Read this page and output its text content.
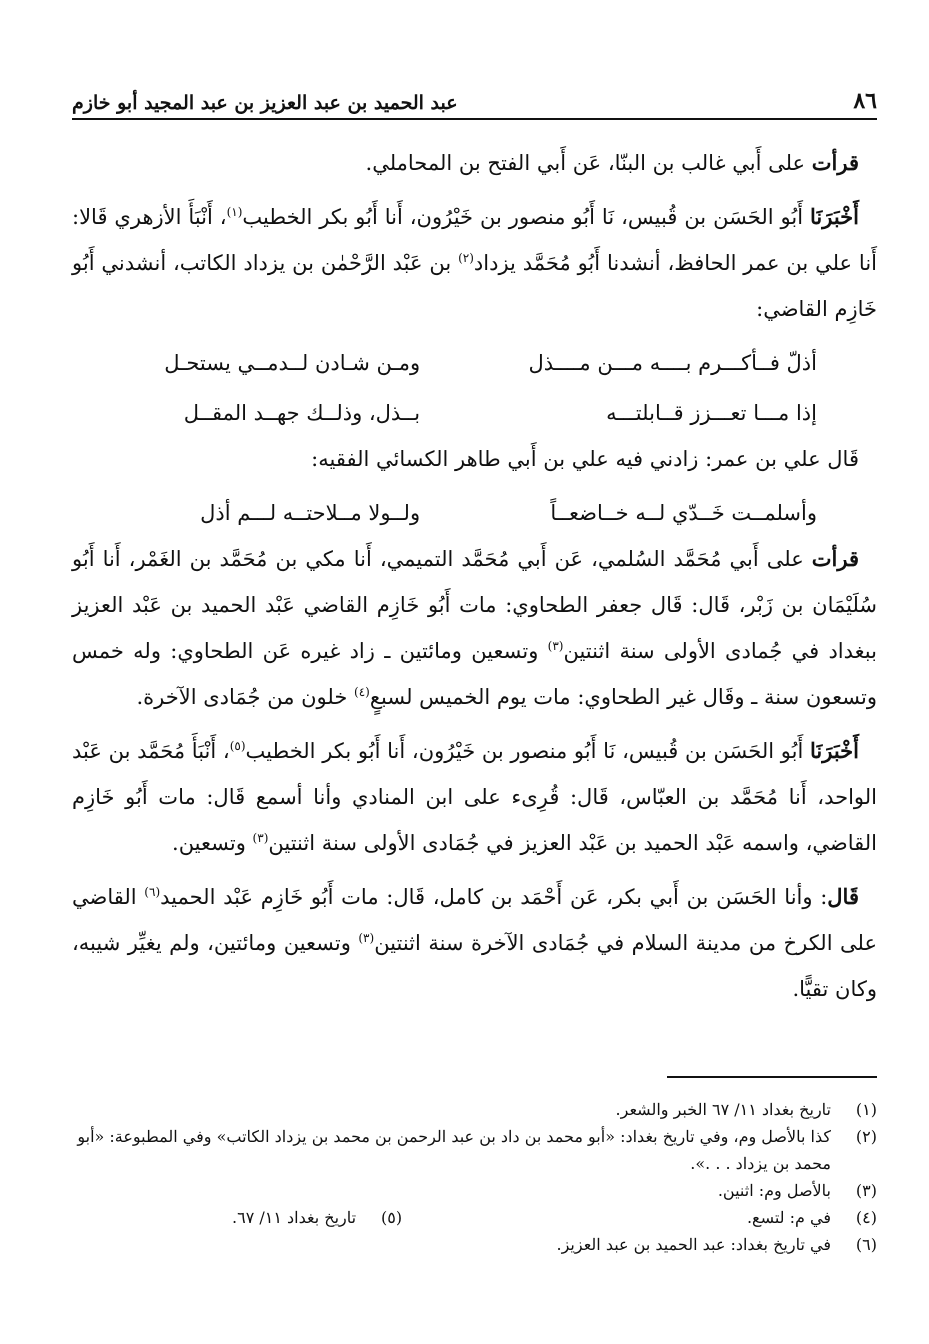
٨٦
عبد الحميد بن عبد العزيز بن عبد المجيد أبو خازم

قرأت على أَبي غالب بن البنّا، عَن أَبي الفتح بن المحاملي.

أَخْبَرَنَا أَبُو الحَسَن بن قُبيس، نَا أَبُو منصور بن خَيْرُون، أَنا أَبُو بكر الخطيب$^{(١)}$، أَنْبَأَ الأزهري قَالا: أَنا علي بن عمر الحافظ، أنشدنا أَبُو مُحَمَّد يزداد$^{(٢)}$ بن عَبْد الرَّحْمٰن بن يزداد الكاتب، أنشدني أَبُو خَازِم القاضي:

أذلّ فــأكـــرم بــــه مـــن مــــذل
ومـن شـادن لــدمــي يستحـل
إذا مـــا تعـــزز قــابلتـــه
بــذل، وذلــك جهــد المقــل

قَال علي بن عمر: زادني فيه علي بن أَبي طاهر الكسائي الفقيه:

وأسلمــت خَــدّي لــه خــاضعــاً
ولــولا مــلاحتــه لـــم أذل

قرأت على أَبي مُحَمَّد السُلمي، عَن أَبي مُحَمَّد التميمي، أَنا مكي بن مُحَمَّد بن الغَمْر، أَنا أَبُو سُلَيْمَان بن زَبْر، قَال: قَال جعفر الطحاوي: مات أَبُو خَازِم القاضي عَبْد الحميد بن عَبْد العزيز ببغداد في جُمادى الأولى سنة اثنتين$^{(٣)}$ وتسعين ومائتين ـ زاد غيره عَن الطحاوي: وله خمس وتسعون سنة ـ وقَال غير الطحاوي: مات يوم الخميس لسبعٍ$^{(٤)}$ خلون من جُمَادى الآخرة.

أَخْبَرَنَا أَبُو الحَسَن بن قُبيس، نَا أَبُو منصور بن خَيْرُون، أَنا أَبُو بكر الخطيب$^{(٥)}$، أَنْبَأَ مُحَمَّد بن عَبْد الواحد، أَنا مُحَمَّد بن العبّاس، قَال: قُرِىء على ابن المنادي وأنا أسمع قَال: مات أَبُو خَازِم القاضي، واسمه عَبْد الحميد بن عَبْد العزيز في جُمَادى الأولى سنة اثنتين$^{(٣)}$ وتسعين.

قَال: وأنا الحَسَن بن أَبي بكر، عَن أَحْمَد بن كامل، قَال: مات أَبُو خَازِم عَبْد الحميد$^{(٦)}$ القاضي على الكرخ من مدينة السلام في جُمَادى الآخرة سنة اثنتين$^{(٣)}$ وتسعين ومائتين، ولم يغيِّر شيبه، وكان تقيًّا.

(١)
تاريخ بغداد ١١/ ٦٧ الخبر والشعر.
(٢)
كذا بالأصل وم، وفي تاريخ بغداد: «أبو محمد بن داد بن عبد الرحمن بن محمد بن يزداد الكاتب» وفي المطبوعة: «أبو محمد بن يزداد . . .».
(٣)
بالأصل وم: اثنين.
(٤)
في م: لتسع.
(٥)
تاريخ بغداد ١١/ ٦٧.
(٦)
في تاريخ بغداد: عبد الحميد بن عبد العزيز.
